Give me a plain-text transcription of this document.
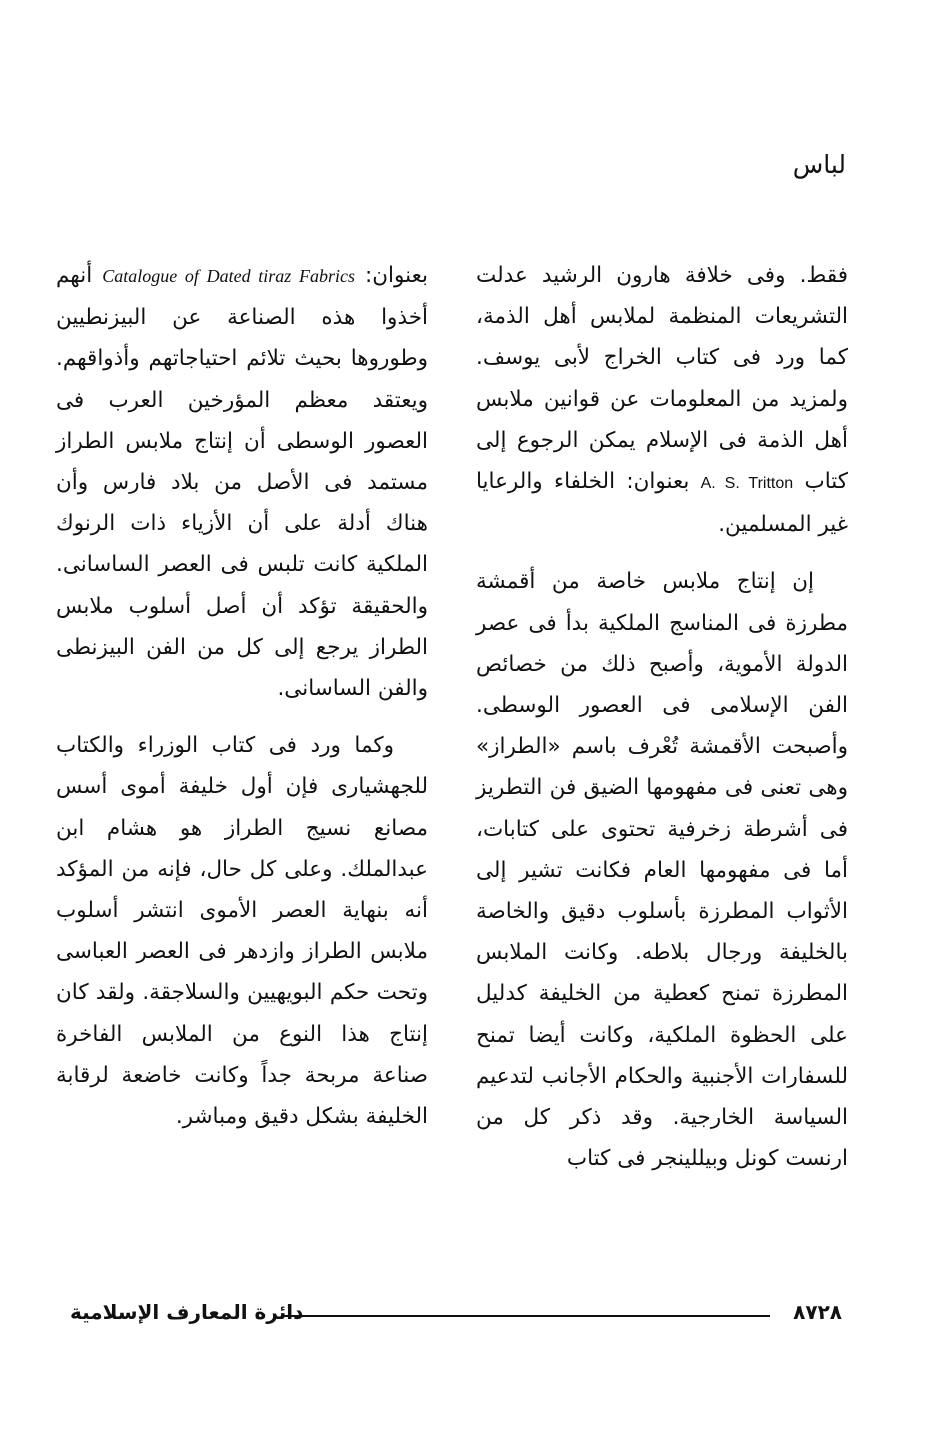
لباس

فقط. وفى خلافة هارون الرشيد عدلت التشريعات المنظمة لملابس أهل الذمة، كما ورد فى كتاب الخراج لأبى يوسف. ولمزيد من المعلومات عن قوانين ملابس أهل الذمة فى الإسلام يمكن الرجوع إلى كتاب A. S. Tritton بعنوان: الخلفاء والرعايا غير المسلمين.

إن إنتاج ملابس خاصة من أقمشة مطرزة فى المناسج الملكية بدأ فى عصر الدولة الأموية، وأصبح ذلك من خصائص الفن الإسلامى فى العصور الوسطى. وأصبحت الأقمشة تُعْرف باسم «الطراز» وهى تعنى فى مفهومها الضيق فن التطريز فى أشرطة زخرفية تحتوى على كتابات، أما فى مفهومها العام فكانت تشير إلى الأثواب المطرزة بأسلوب دقيق والخاصة بالخليفة ورجال بلاطه. وكانت الملابس المطرزة تمنح كعطية من الخليفة كدليل على الحظوة الملكية، وكانت أيضا تمنح للسفارات الأجنبية والحكام الأجانب لتدعيم السياسة الخارجية. وقد ذكر كل من ارنست كونل وبيللينجر فى كتاب

بعنوان: Catalogue of Dated tiraz Fabrics أنهم أخذوا هذه الصناعة عن البيزنطيين وطوروها بحيث تلائم احتياجاتهم وأذواقهم. ويعتقد معظم المؤرخين العرب فى العصور الوسطى أن إنتاج ملابس الطراز مستمد فى الأصل من بلاد فارس وأن هناك أدلة على أن الأزياء ذات الرنوك الملكية كانت تلبس فى العصر الساسانى. والحقيقة تؤكد أن أصل أسلوب ملابس الطراز يرجع إلى كل من الفن البيزنطى والفن الساسانى.

وكما ورد فى كتاب الوزراء والكتاب للجهشيارى فإن أول خليفة أموى أسس مصانع نسيج الطراز هو هشام ابن عبدالملك. وعلى كل حال، فإنه من المؤكد أنه بنهاية العصر الأموى انتشر أسلوب ملابس الطراز وازدهر فى العصر العباسى وتحت حكم البويهيين والسلاجقة. ولقد كان إنتاج هذا النوع من الملابس الفاخرة صناعة مربحة جداً وكانت خاضعة لرقابة الخليفة بشكل دقيق ومباشر.

دائرة المعارف الإسلامية	٨٧٢٨
